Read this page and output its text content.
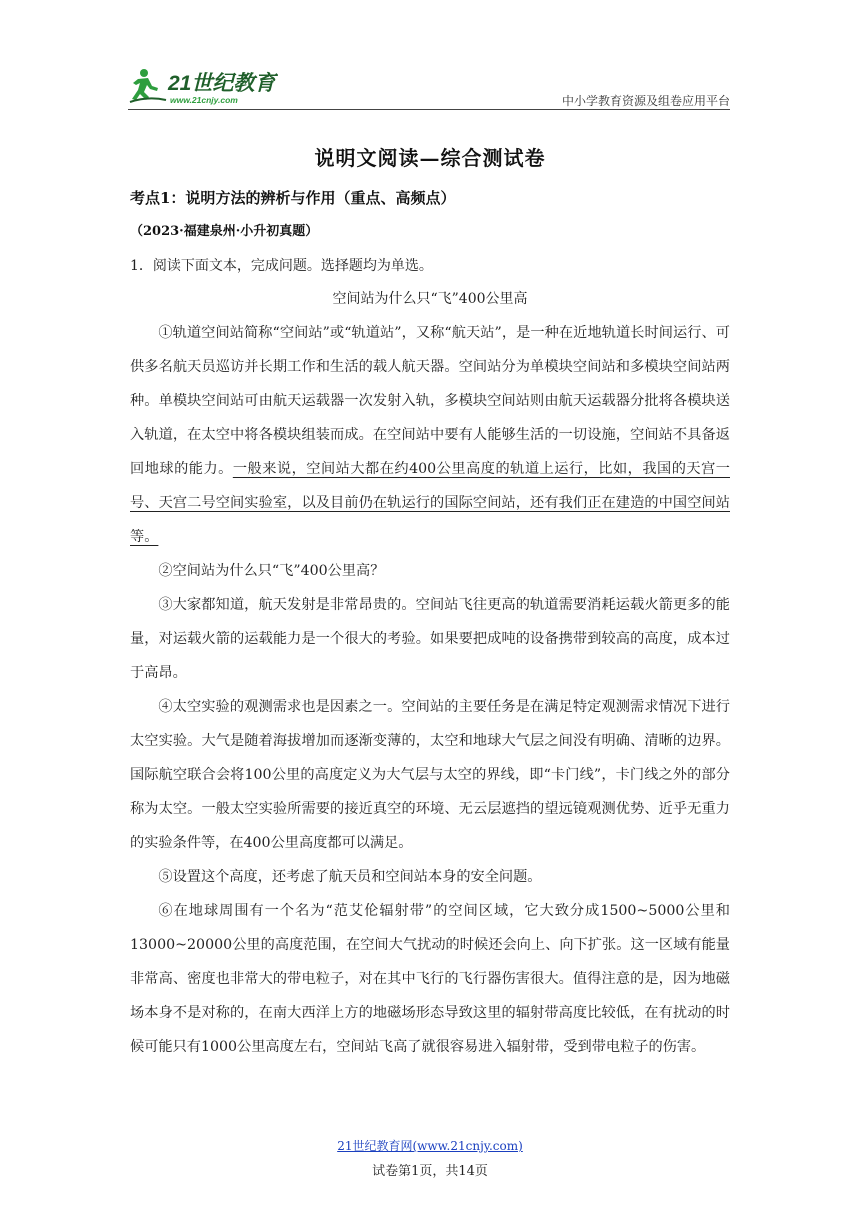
21世纪教育
www.21cnjy.com	中小学教育资源及组卷应用平台
说明文阅读—综合测试卷
考点1：说明方法的辨析与作用（重点、高频点）
（2023·福建泉州·小升初真题）
1．阅读下面文本，完成问题。选择题均为单选。
空间站为什么只“飞”400公里高

①轨道空间站简称“空间站”或“轨道站”，又称“航天站”，是一种在近地轨道长时间运行、可供多名航天员巡访并长期工作和生活的载人航天器。空间站分为单模块空间站和多模块空间站两种。单模块空间站可由航天运载器一次发射入轨，多模块空间站则由航天运载器分批将各模块送入轨道，在太空中将各模块组装而成。在空间站中要有人能够生活的一切设施，空间站不具备返回地球的能力。一般来说，空间站大都在约400公里高度的轨道上运行，比如，我国的天宫一号、天宫二号空间实验室，以及目前仍在轨运行的国际空间站，还有我们正在建造的中国空间站等。

②空间站为什么只“飞”400公里高？

③大家都知道，航天发射是非常昂贵的。空间站飞往更高的轨道需要消耗运载火箭更多的能量，对运载火箭的运载能力是一个很大的考验。如果要把成吨的设备携带到较高的高度，成本过于高昂。

④太空实验的观测需求也是因素之一。空间站的主要任务是在满足特定观测需求情况下进行太空实验。大气是随着海拔增加而逐渐变薄的，太空和地球大气层之间没有明确、清晰的边界。国际航空联合会将100公里的高度定义为大气层与太空的界线，即“卡门线”，卡门线之外的部分称为太空。一般太空实验所需要的接近真空的环境、无云层遮挡的望远镜观测优势、近乎无重力的实验条件等，在400公里高度都可以满足。

⑤设置这个高度，还考虑了航天员和空间站本身的安全问题。

⑥在地球周围有一个名为“范艾伦辐射带”的空间区域，它大致分成1500~5000公里和13000~20000公里的高度范围，在空间大气扰动的时候还会向上、向下扩张。这一区域有能量非常高、密度也非常大的带电粒子，对在其中飞行的飞行器伤害很大。值得注意的是，因为地磁场本身不是对称的，在南大西洋上方的地磁场形态导致这里的辐射带高度比较低，在有扰动的时候可能只有1000公里高度左右，空间站飞高了就很容易进入辐射带，受到带电粒子的伤害。

21世纪教育网(www.21cnjy.com)
试卷第1页，共14页
